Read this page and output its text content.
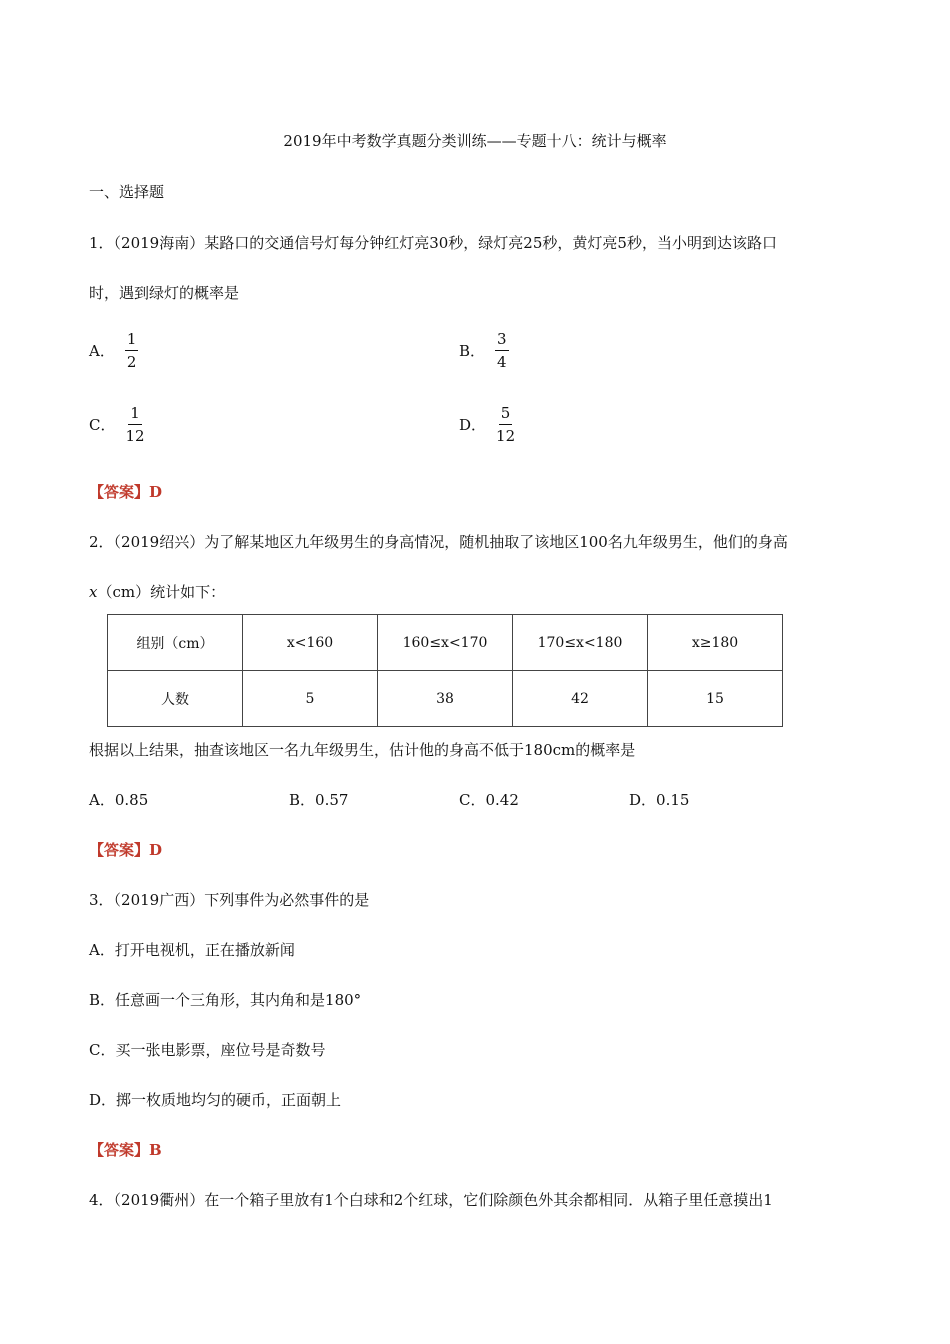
2019年中考数学真题分类训练——专题十八：统计与概率
一、选择题
1．（2019海南）某路口的交通信号灯每分钟红灯亮30秒，绿灯亮25秒，黄灯亮5秒，当小明到达该路口
时，遇到绿灯的概率是
A． $\frac{1}{2}$	B． $\frac{3}{4}$
C． $\frac{1}{12}$	D． $\frac{5}{12}$
【答案】D
2．（2019绍兴）为了解某地区九年级男生的身高情况，随机抽取了该地区100名九年级男生，他们的身高
x（cm）统计如下：
组别（cm）	x<160	160≤x<170	170≤x<180	x≥180
人数	5	38	42	15
根据以上结果，抽查该地区一名九年级男生，估计他的身高不低于180cm的概率是
A．0.85	B．0.57	C．0.42	D．0.15
【答案】D
3．（2019广西）下列事件为必然事件的是
A．打开电视机，正在播放新闻
B．任意画一个三角形，其内角和是180°
C．买一张电影票，座位号是奇数号
D．掷一枚质地均匀的硬币，正面朝上
【答案】B
4．（2019衢州）在一个箱子里放有1个白球和2个红球，它们除颜色外其余都相同．从箱子里任意摸出1
